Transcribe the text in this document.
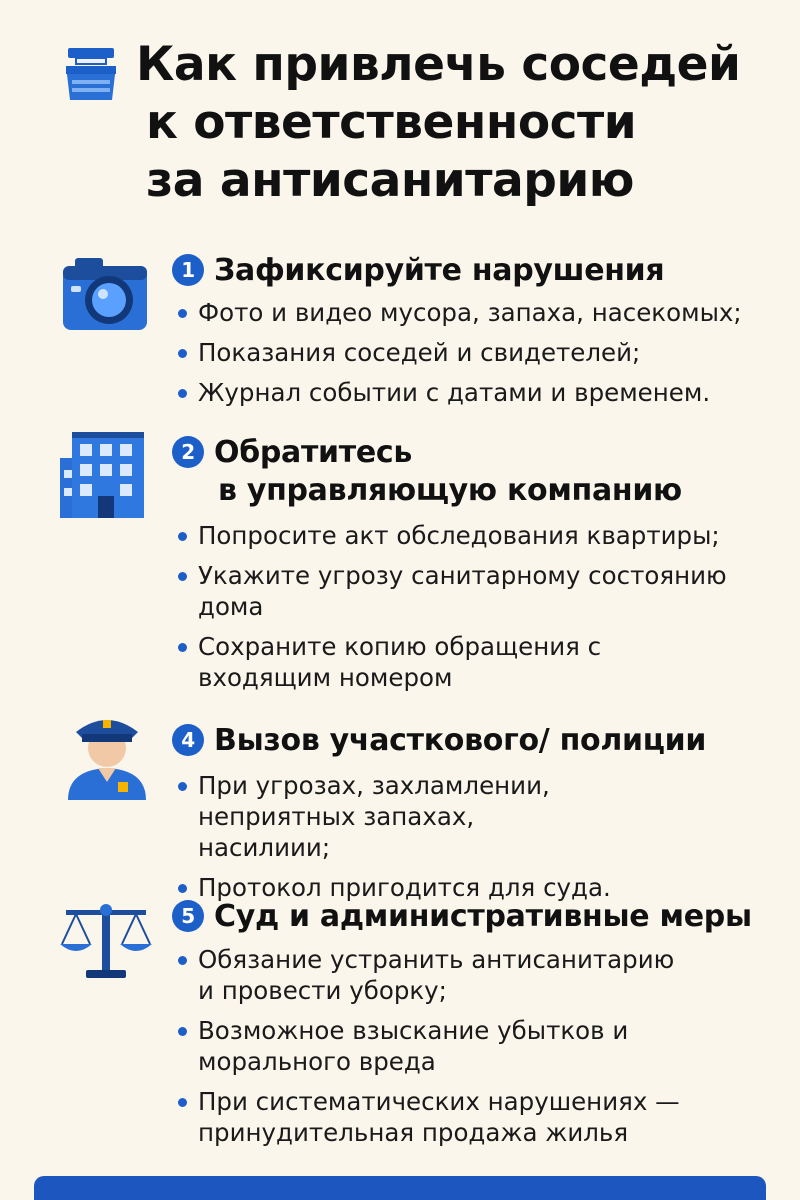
Как привлечь соседей
к ответственности
за антисанитарию
1 Зафиксируйте нарушения
Фото и видео мусора, запаха, насекомых;
Показания соседей и свидетелей;
Журнал событии с датами и временем.
2 Обратитесь
в управляющую компанию
Попросите акт обследования квартиры;
Укажите угрозу санитарному состоянию дома
Сохраните копию обращения с входящим номером
4 Вызов участкового/ полиции
При угрозах, захламлении, неприятных запахах, насилиии;
Протокол пригодится для суда.
5 Суд и административные меры
Обязание устранить антисанитарию и провести уборку;
Возможное взыскание убытков и морального вреда
При систематических нарушениях — принудительная продажа жилья
